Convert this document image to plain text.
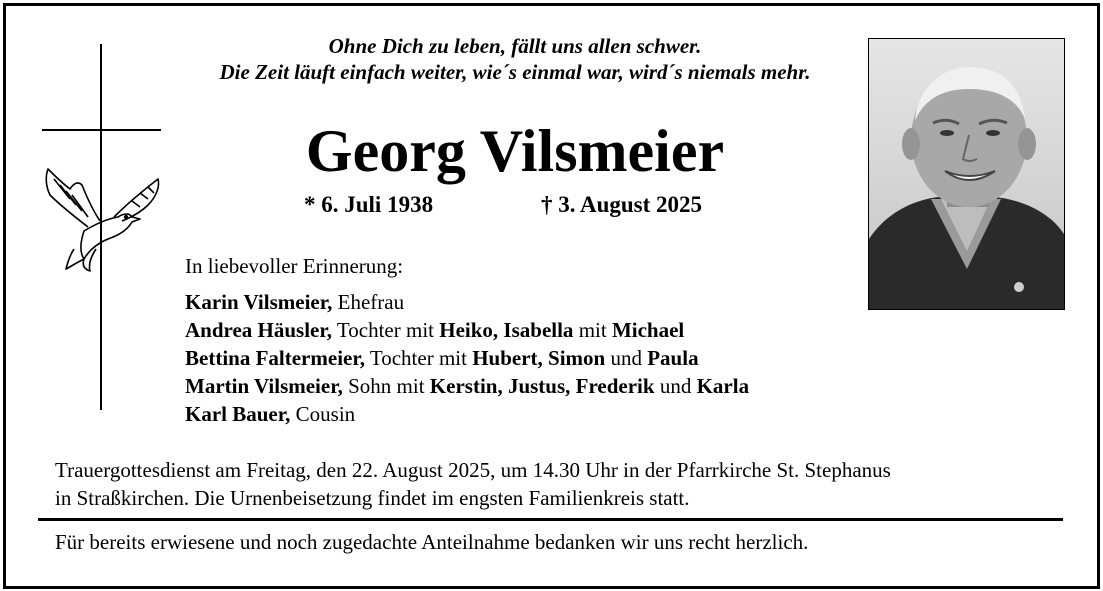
Ohne Dich zu leben, fällt uns allen schwer.
Die Zeit läuft einfach weiter, wie´s einmal war, wird´s niemals mehr.
Georg Vilsmeier
* 6. Juli 1938	† 3. August 2025
In liebevoller Erinnerung:
Karin Vilsmeier, Ehefrau
Andrea Häusler, Tochter mit Heiko, Isabella mit Michael
Bettina Faltermeier, Tochter mit Hubert, Simon und Paula
Martin Vilsmeier, Sohn mit Kerstin, Justus, Frederik und Karla
Karl Bauer, Cousin
Trauergottesdienst am Freitag, den 22. August 2025, um 14.30 Uhr in der Pfarrkirche St. Stephanus
in Straßkirchen. Die Urnenbeisetzung findet im engsten Familienkreis statt.
Für bereits erwiesene und noch zugedachte Anteilnahme bedanken wir uns recht herzlich.
